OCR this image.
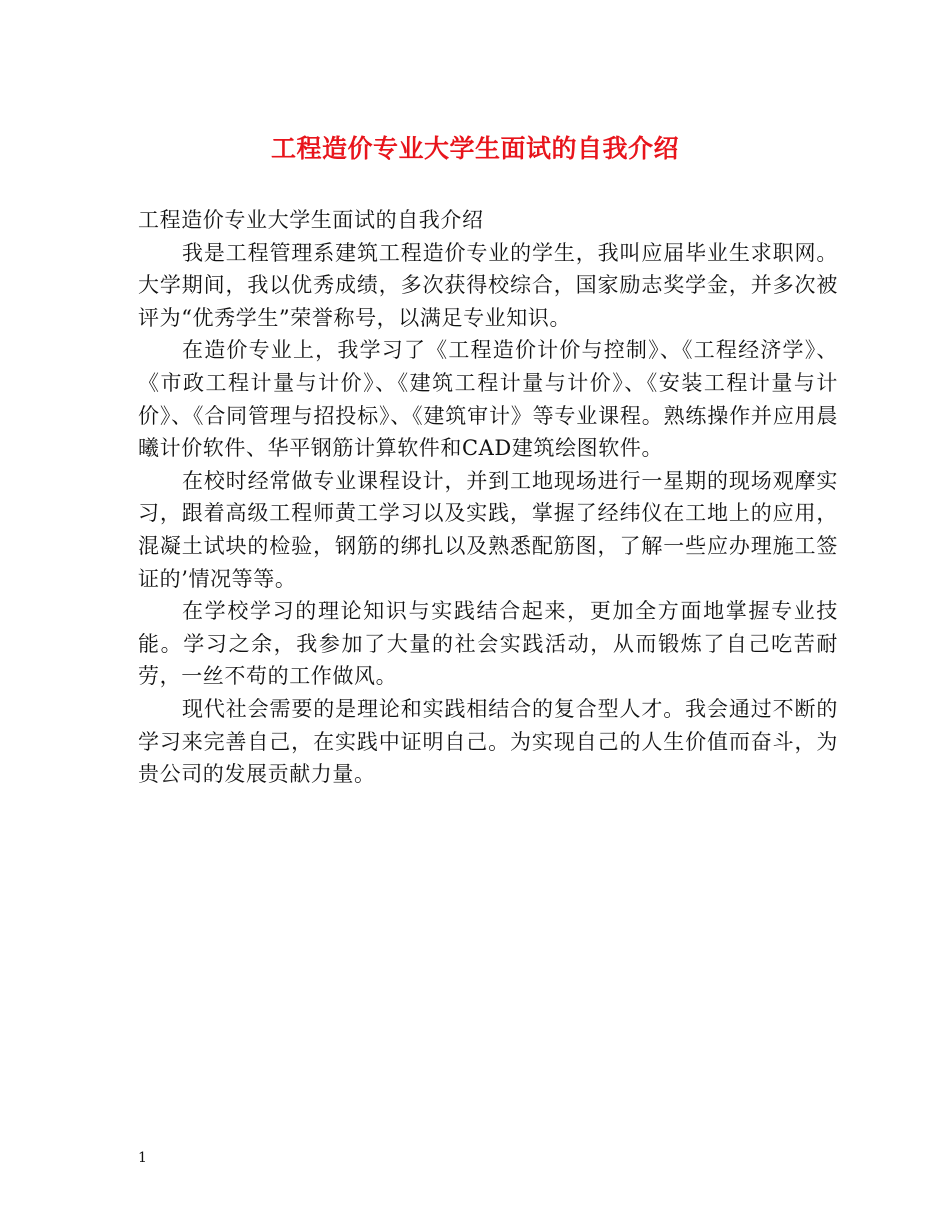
工程造价专业大学生面试的自我介绍

工程造价专业大学生面试的自我介绍

我是工程管理系建筑工程造价专业的学生，我叫应届毕业生求职网。大学期间，我以优秀成绩，多次获得校综合，国家励志奖学金，并多次被评为“优秀学生”荣誉称号，以满足专业知识。

在造价专业上，我学习了《工程造价计价与控制》、《工程经济学》、《市政工程计量与计价》、《建筑工程计量与计价》、《安装工程计量与计价》、《合同管理与招投标》、《建筑审计》等专业课程。熟练操作并应用晨曦计价软件、华平钢筋计算软件和CAD建筑绘图软件。

在校时经常做专业课程设计，并到工地现场进行一星期的现场观摩实习，跟着高级工程师黄工学习以及实践，掌握了经纬仪在工地上的应用，混凝土试块的检验，钢筋的绑扎以及熟悉配筋图，了解一些应办理施工签证的’情况等等。

在学校学习的理论知识与实践结合起来，更加全方面地掌握专业技能。学习之余，我参加了大量的社会实践活动，从而锻炼了自己吃苦耐劳，一丝不苟的工作做风。

现代社会需要的是理论和实践相结合的复合型人才。我会通过不断的学习来完善自己，在实践中证明自己。为实现自己的人生价值而奋斗，为贵公司的发展贡献力量。

1
